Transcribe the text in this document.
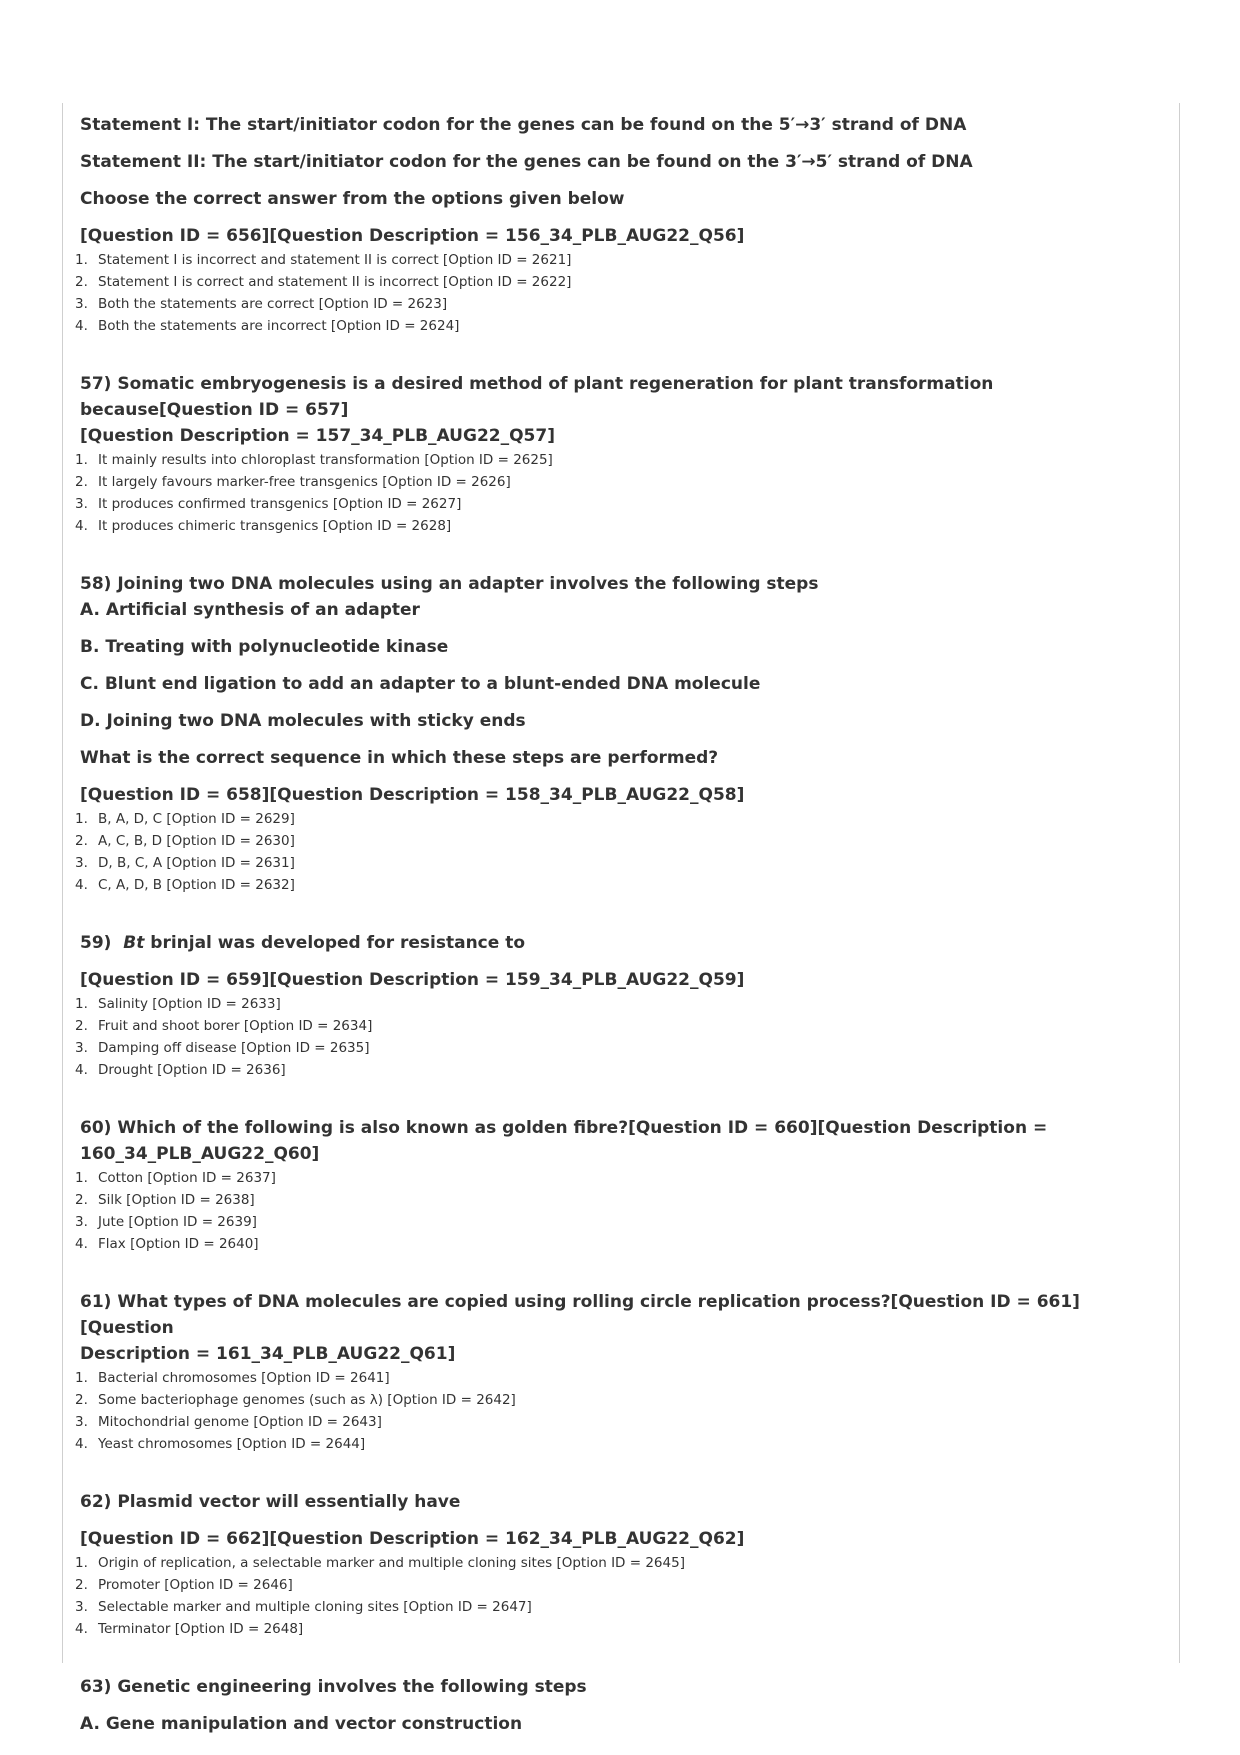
Statement I: The start/initiator codon for the genes can be found on the 5′→3′ strand of DNA

Statement II: The start/initiator codon for the genes can be found on the 3′→5′ strand of DNA

Choose the correct answer from the options given below

[Question ID = 656][Question Description = 156_34_PLB_AUG22_Q56]

1. Statement I is incorrect and statement II is correct [Option ID = 2621]
2. Statement I is correct and statement II is incorrect [Option ID = 2622]
3. Both the statements are correct [Option ID = 2623]
4. Both the statements are incorrect [Option ID = 2624]

57) Somatic embryogenesis is a desired method of plant regeneration for plant transformation because[Question ID = 657]
[Question Description = 157_34_PLB_AUG22_Q57]

1. It mainly results into chloroplast transformation [Option ID = 2625]
2. It largely favours marker-free transgenics [Option ID = 2626]
3. It produces confirmed transgenics [Option ID = 2627]
4. It produces chimeric transgenics [Option ID = 2628]

58) Joining two DNA molecules using an adapter involves the following steps

A. Artificial synthesis of an adapter

B. Treating with polynucleotide kinase

C. Blunt end ligation to add an adapter to a blunt-ended DNA molecule

D. Joining two DNA molecules with sticky ends

What is the correct sequence in which these steps are performed?

[Question ID = 658][Question Description = 158_34_PLB_AUG22_Q58]

1. B, A, D, C [Option ID = 2629]
2. A, C, B, D [Option ID = 2630]
3. D, B, C, A [Option ID = 2631]
4. C, A, D, B [Option ID = 2632]

59)  Bt brinjal was developed for resistance to

[Question ID = 659][Question Description = 159_34_PLB_AUG22_Q59]

1. Salinity [Option ID = 2633]
2. Fruit and shoot borer [Option ID = 2634]
3. Damping off disease [Option ID = 2635]
4. Drought [Option ID = 2636]

60) Which of the following is also known as golden fibre?[Question ID = 660][Question Description =
160_34_PLB_AUG22_Q60]

1. Cotton [Option ID = 2637]
2. Silk [Option ID = 2638]
3. Jute [Option ID = 2639]
4. Flax [Option ID = 2640]

61) What types of DNA molecules are copied using rolling circle replication process?[Question ID = 661][Question
Description = 161_34_PLB_AUG22_Q61]

1. Bacterial chromosomes [Option ID = 2641]
2. Some bacteriophage genomes (such as λ) [Option ID = 2642]
3. Mitochondrial genome [Option ID = 2643]
4. Yeast chromosomes [Option ID = 2644]

62) Plasmid vector will essentially have

[Question ID = 662][Question Description = 162_34_PLB_AUG22_Q62]

1. Origin of replication, a selectable marker and multiple cloning sites [Option ID = 2645]
2. Promoter [Option ID = 2646]
3. Selectable marker and multiple cloning sites [Option ID = 2647]
4. Terminator [Option ID = 2648]

63) Genetic engineering involves the following steps

A. Gene manipulation and vector construction
